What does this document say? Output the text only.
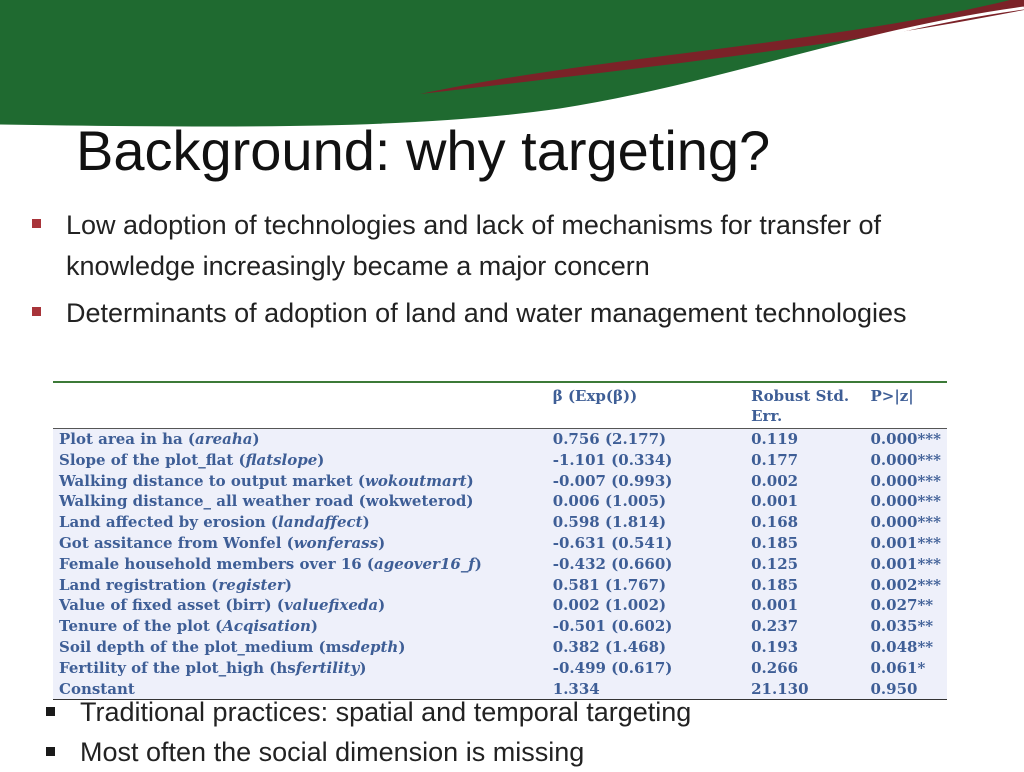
Background: why targeting?
Low adoption of technologies and lack of mechanisms for transfer of knowledge increasingly became a major concern
Determinants of adoption of land and water management technologies
	β (Exp(β))	Robust Std. Err.	P>|z|
Plot area in ha (areaha)	0.756 (2.177)	0.119	0.000***
Slope of the plot_flat (flatslope)	-1.101 (0.334)	0.177	0.000***
Walking distance to output market (wokoutmart)	-0.007 (0.993)	0.002	0.000***
Walking distance_ all weather road (wokweterod)	0.006 (1.005)	0.001	0.000***
Land affected by erosion (landaffect)	0.598 (1.814)	0.168	0.000***
Got assitance from Wonfel (wonferass)	-0.631 (0.541)	0.185	0.001***
Female household members over 16 (ageover16_f)	-0.432 (0.660)	0.125	0.001***
Land registration (register)	0.581 (1.767)	0.185	0.002***
Value of fixed asset (birr) (valuefixeda)	0.002 (1.002)	0.001	0.027**
Tenure of the plot (Acqisation)	-0.501 (0.602)	0.237	0.035**
Soil depth of the plot_medium (msdepth)	0.382 (1.468)	0.193	0.048**
Fertility of the plot_high (hsfertility)	-0.499 (0.617)	0.266	0.061*
Constant	1.334	21.130	0.950
Traditional practices: spatial and temporal targeting
Most often the social dimension is missing
